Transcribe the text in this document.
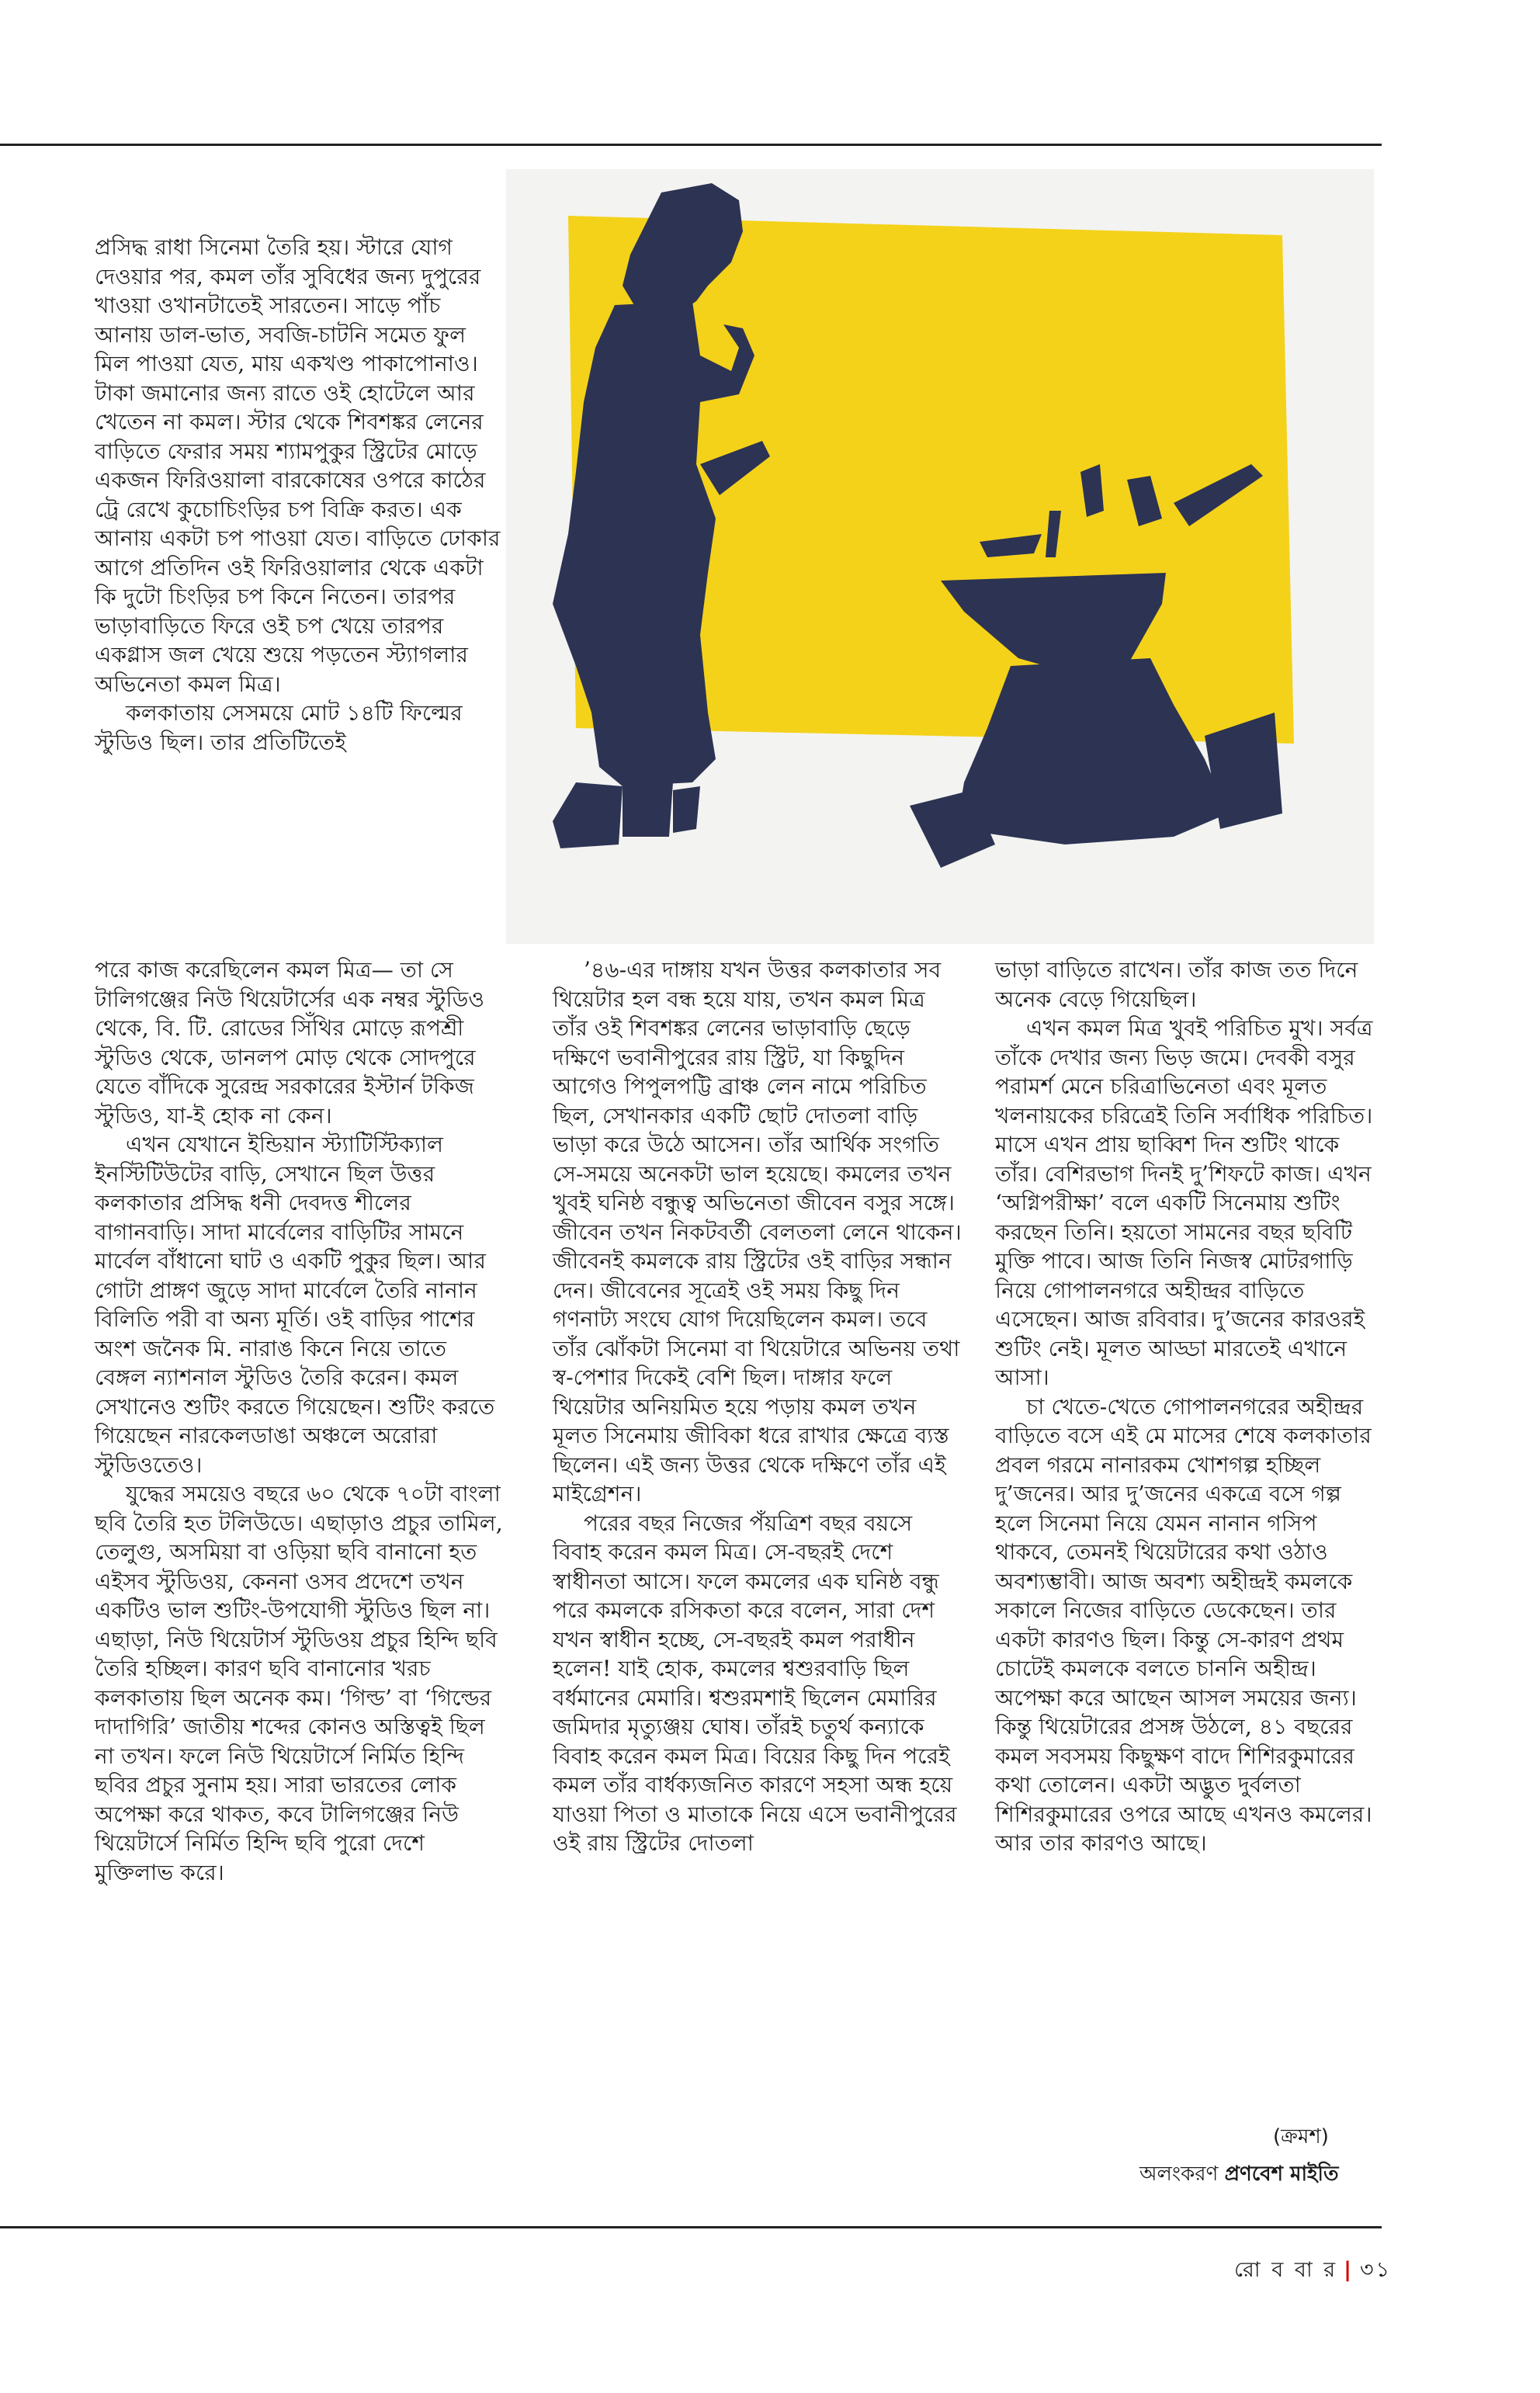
প্রসিদ্ধ রাধা সিনেমা তৈরি হয়। স্টারে যোগ দেওয়ার পর, কমল তাঁর সুবিধের জন্য দুপুরের খাওয়া ওখানটাতেই সারতেন। সাড়ে পাঁচ আনায় ডাল-ভাত, সবজি-চাটনি সমেত ফুল মিল পাওয়া যেত, মায় একখণ্ড পাকাপোনাও। টাকা জমানোর জন্য রাতে ওই হোটেলে আর খেতেন না কমল। স্টার থেকে শিবশঙ্কর লেনের বাড়িতে ফেরার সময় শ্যামপুকুর স্ট্রিটের মোড়ে একজন ফিরিওয়ালা বারকোষের ওপরে কাঠের ট্রে রেখে কুচোচিংড়ির চপ বিক্রি করত। এক আনায় একটা চপ পাওয়া যেত। বাড়িতে ঢোকার আগে প্রতিদিন ওই ফিরিওয়ালার থেকে একটা কি দুটো চিংড়ির চপ কিনে নিতেন। তারপর ভাড়াবাড়িতে ফিরে ওই চপ খেয়ে তারপর একগ্লাস জল খেয়ে শুয়ে পড়তেন স্ট্যাগলার অভিনেতা কমল মিত্র।

কলকাতায় সেসময়ে মোট ১৪টি ফিল্মের স্টুডিও ছিল। তার প্রতিটিতেই

পরে কাজ করেছিলেন কমল মিত্র— তা সে টালিগঞ্জের নিউ থিয়েটার্সের এক নম্বর স্টুডিও থেকে, বি. টি. রোডের সিঁথির মোড়ে রূপশ্রী স্টুডিও থেকে, ডানলপ মোড় থেকে সোদপুরে যেতে বাঁদিকে সুরেন্দ্র সরকারের ইস্টার্ন টকিজ স্টুডিও, যা-ই হোক না কেন।

এখন যেখানে ইন্ডিয়ান স্ট্যাটিস্টিক্যাল ইনস্টিটিউটের বাড়ি, সেখানে ছিল উত্তর কলকাতার প্রসিদ্ধ ধনী দেবদত্ত শীলের বাগানবাড়ি। সাদা মার্বেলের বাড়িটির সামনে মার্বেল বাঁধানো ঘাট ও একটি পুকুর ছিল। আর গোটা প্রাঙ্গণ জুড়ে সাদা মার্বেলে তৈরি নানান বিলিতি পরী বা অন্য মূর্তি। ওই বাড়ির পাশের অংশ জনৈক মি. নারাঙ কিনে নিয়ে তাতে বেঙ্গল ন্যাশনাল স্টুডিও তৈরি করেন। কমল সেখানেও শুটিং করতে গিয়েছেন। শুটিং করতে গিয়েছেন নারকেলডাঙা অঞ্চলে অরোরা স্টুডিওতেও।

যুদ্ধের সময়েও বছরে ৬০ থেকে ৭০টা বাংলা ছবি তৈরি হত টলিউডে। এছাড়াও প্রচুর তামিল, তেলুগু, অসমিয়া বা ওড়িয়া ছবি বানানো হত এইসব স্টুডিওয়, কেননা ওসব প্রদেশে তখন একটিও ভাল শুটিং-উপযোগী স্টুডিও ছিল না। এছাড়া, নিউ থিয়েটার্স স্টুডিওয় প্রচুর হিন্দি ছবি তৈরি হচ্ছিল। কারণ ছবি বানানোর খরচ কলকাতায় ছিল অনেক কম। ‘গিল্ড’ বা ‘গিল্ডের দাদাগিরি’ জাতীয় শব্দের কোনও অস্তিত্বই ছিল না তখন। ফলে নিউ থিয়েটার্সে নির্মিত হিন্দি ছবির প্রচুর সুনাম হয়। সারা ভারতের লোক অপেক্ষা করে থাকত, কবে টালিগঞ্জের নিউ থিয়েটার্সে নির্মিত হিন্দি ছবি পুরো দেশে মুক্তিলাভ করে।

’৪৬-এর দাঙ্গায় যখন উত্তর কলকাতার সব থিয়েটার হল বন্ধ হয়ে যায়, তখন কমল মিত্র তাঁর ওই শিবশঙ্কর লেনের ভাড়াবাড়ি ছেড়ে দক্ষিণে ভবানীপুরের রায় স্ট্রিট, যা কিছুদিন আগেও পিপুলপট্টি ব্রাঞ্চ লেন নামে পরিচিত ছিল, সেখানকার একটি ছোট দোতলা বাড়ি ভাড়া করে উঠে আসেন। তাঁর আর্থিক সংগতি সে-সময়ে অনেকটা ভাল হয়েছে। কমলের তখন খুবই ঘনিষ্ঠ বন্ধুত্ব অভিনেতা জীবেন বসুর সঙ্গে। জীবেন তখন নিকটবর্তী বেলতলা লেনে থাকেন। জীবেনই কমলকে রায় স্ট্রিটের ওই বাড়ির সন্ধান দেন। জীবেনের সূত্রেই ওই সময় কিছু দিন গণনাট্য সংঘে যোগ দিয়েছিলেন কমল। তবে তাঁর ঝোঁকটা সিনেমা বা থিয়েটারে অভিনয় তথা স্ব-পেশার দিকেই বেশি ছিল। দাঙ্গার ফলে থিয়েটার অনিয়মিত হয়ে পড়ায় কমল তখন মূলত সিনেমায় জীবিকা ধরে রাখার ক্ষেত্রে ব্যস্ত ছিলেন। এই জন্য উত্তর থেকে দক্ষিণে তাঁর এই মাইগ্রেশন।

পরের বছর নিজের পঁয়ত্রিশ বছর বয়সে বিবাহ করেন কমল মিত্র। সে-বছরই দেশে স্বাধীনতা আসে। ফলে কমলের এক ঘনিষ্ঠ বন্ধু পরে কমলকে রসিকতা করে বলেন, সারা দেশ যখন স্বাধীন হচ্ছে, সে-বছরই কমল পরাধীন হলেন! যাই হোক, কমলের শ্বশুরবাড়ি ছিল বর্ধমানের মেমারি। শ্বশুরমশাই ছিলেন মেমারির জমিদার মৃত্যুঞ্জয় ঘোষ। তাঁরই চতুর্থ কন্যাকে বিবাহ করেন কমল মিত্র। বিয়ের কিছু দিন পরেই কমল তাঁর বার্ধক্যজনিত কারণে সহসা অন্ধ হয়ে যাওয়া পিতা ও মাতাকে নিয়ে এসে ভবানীপুরের ওই রায় স্ট্রিটের দোতলা

ভাড়া বাড়িতে রাখেন। তাঁর কাজ তত দিনে অনেক বেড়ে গিয়েছিল।

এখন কমল মিত্র খুবই পরিচিত মুখ। সর্বত্র তাঁকে দেখার জন্য ভিড় জমে। দেবকী বসুর পরামর্শ মেনে চরিত্রাভিনেতা এবং মূলত খলনায়কের চরিত্রেই তিনি সর্বাধিক পরিচিত। মাসে এখন প্রায় ছাব্বিশ দিন শুটিং থাকে তাঁর। বেশিরভাগ দিনই দু’শিফটে কাজ। এখন ‘অগ্নিপরীক্ষা’ বলে একটি সিনেমায় শুটিং করছেন তিনি। হয়তো সামনের বছর ছবিটি মুক্তি পাবে। আজ তিনি নিজস্ব মোটরগাড়ি নিয়ে গোপালনগরে অহীন্দ্রর বাড়িতে এসেছেন। আজ রবিবার। দু’জনের কারওরই শুটিং নেই। মূলত আড্ডা মারতেই এখানে আসা।

চা খেতে-খেতে গোপালনগরের অহীন্দ্রর বাড়িতে বসে এই মে মাসের শেষে কলকাতার প্রবল গরমে নানারকম খোশগল্প হচ্ছিল দু’জনের। আর দু’জনের একত্রে বসে গল্প হলে সিনেমা নিয়ে যেমন নানান গসিপ থাকবে, তেমনই থিয়েটারের কথা ওঠাও অবশ্যম্ভাবী। আজ অবশ্য অহীন্দ্রই কমলকে সকালে নিজের বাড়িতে ডেকেছেন। তার একটা কারণও ছিল। কিন্তু সে-কারণ প্রথম চোটেই কমলকে বলতে চাননি অহীন্দ্র। অপেক্ষা করে আছেন আসল সময়ের জন্য। কিন্তু থিয়েটারের প্রসঙ্গ উঠলে, ৪১ বছরের কমল সবসময় কিছুক্ষণ বাদে শিশিরকুমারের কথা তোলেন। একটা অদ্ভুত দুর্বলতা শিশিরকুমারের ওপরে আছে এখনও কমলের। আর তার কারণও আছে।

(ক্রমশ)
অলংকরণ প্রণবেশ মাইতি
রো ব বা র | ৩১
